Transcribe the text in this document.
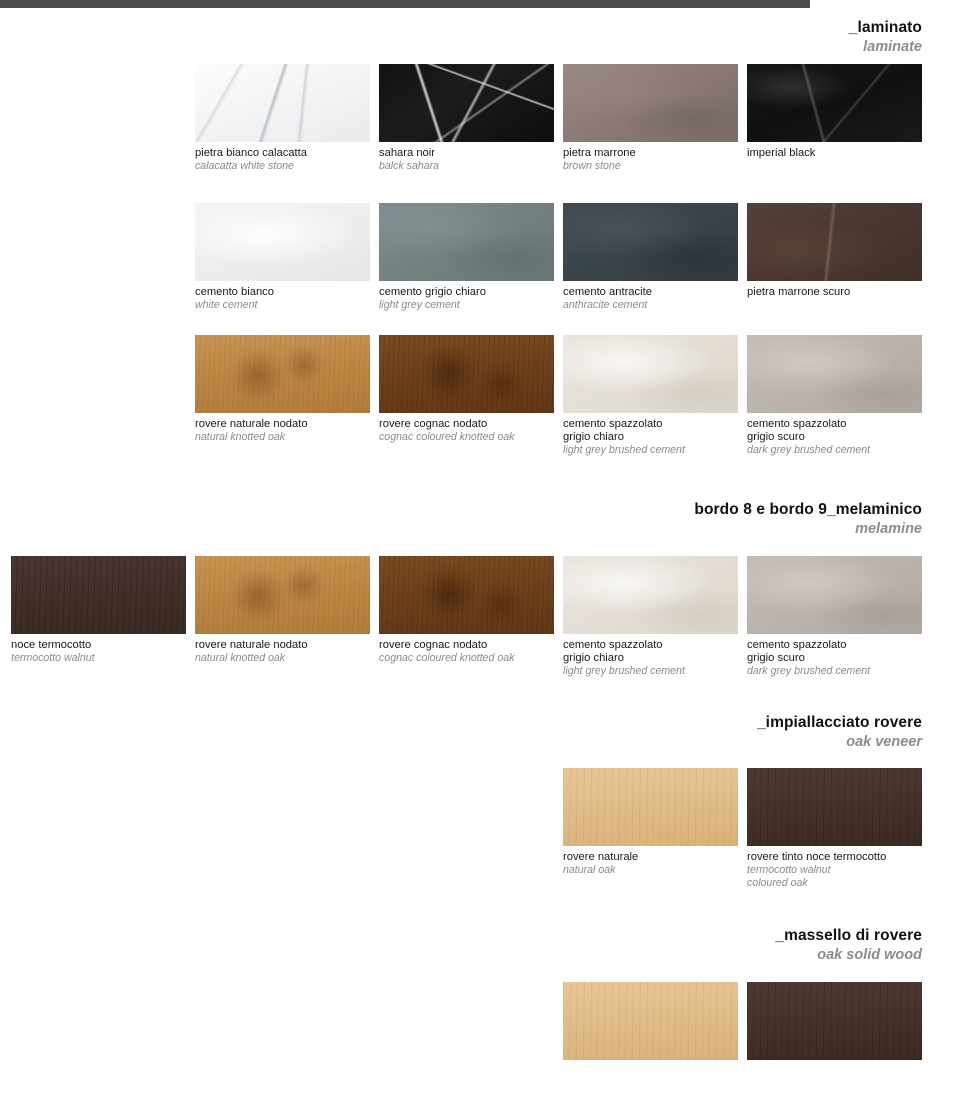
_laminato
laminate
pietra bianco calacatta
calacatta white stone
sahara noir
balck sahara
pietra marrone
brown stone
imperial black
cemento bianco
white cement
cemento grigio chiaro
light grey cement
cemento antracite
anthracite cement
pietra marrone scuro
rovere naturale nodato
natural knotted oak
rovere cognac nodato
cognac coloured knotted oak
cemento spazzolato
grigio chiaro
light grey brushed cement
cemento spazzolato
grigio scuro
dark grey brushed cement
bordo 8 e bordo 9_melaminico
melamine
noce termocotto
termocotto walnut
rovere naturale nodato
natural knotted oak
rovere cognac nodato
cognac coloured knotted oak
cemento spazzolato
grigio chiaro
light grey brushed cement
cemento spazzolato
grigio scuro
dark grey brushed cement
_impiallacciato rovere
oak veneer
rovere naturale
natural oak
rovere tinto noce termocotto
termocotto walnut
coloured oak
_massello di rovere
oak solid wood
